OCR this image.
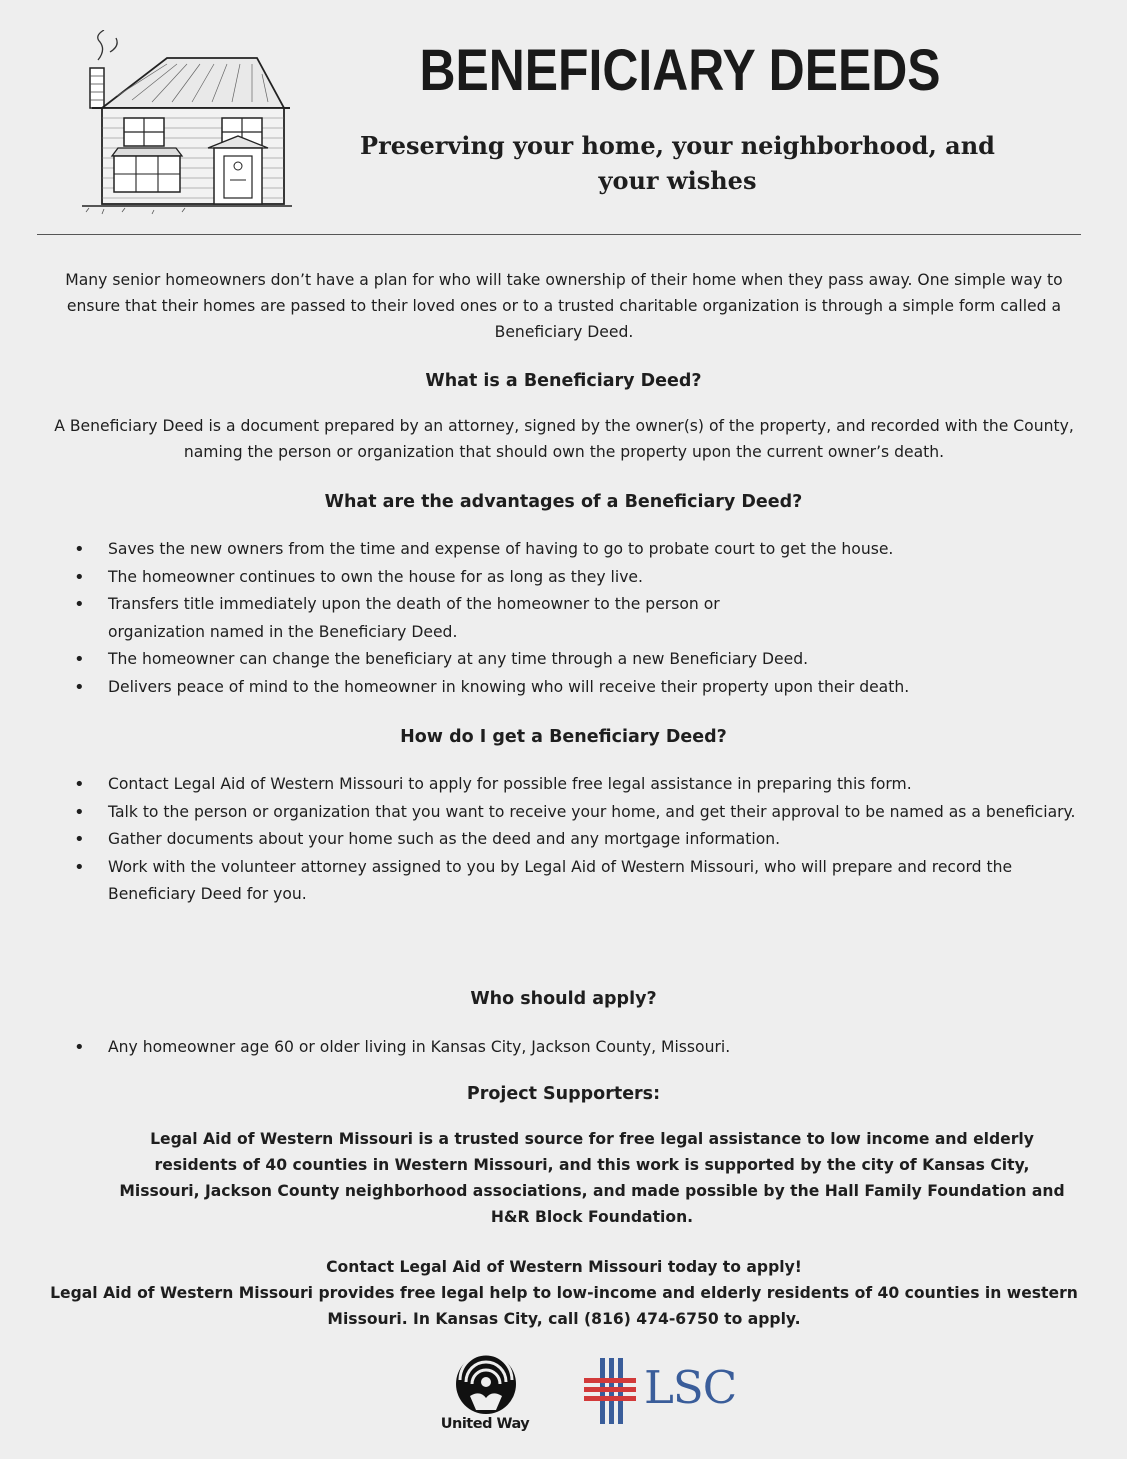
BENEFICIARY DEEDS
Preserving your home, your neighborhood, and your wishes
Many senior homeowners don’t have a plan for who will take ownership of their home when they pass away. One simple way to ensure that their homes are passed to their loved ones or to a trusted charitable organization is through a simple form called a Beneficiary Deed.
What is a Beneficiary Deed?
A Beneficiary Deed is a document prepared by an attorney, signed by the owner(s) of the property, and recorded with the County, naming the person or organization that should own the property upon the current owner’s death.
What are the advantages of a Beneficiary Deed?
• Saves the new owners from the time and expense of having to go to probate court to get the house.
• The homeowner continues to own the house for as long as they live.
• Transfers title immediately upon the death of the homeowner to the person or organization named in the Beneficiary Deed.
• The homeowner can change the beneficiary at any time through a new Beneficiary Deed.
• Delivers peace of mind to the homeowner in knowing who will receive their property upon their death.
How do I get a Beneficiary Deed?
• Contact Legal Aid of Western Missouri to apply for possible free legal assistance in preparing this form.
• Talk to the person or organization that you want to receive your home, and get their approval to be named as a beneficiary.
• Gather documents about your home such as the deed and any mortgage information.
• Work with the volunteer attorney assigned to you by Legal Aid of Western Missouri, who will prepare and record the Beneficiary Deed for you.
Who should apply?
• Any homeowner age 60 or older living in Kansas City, Jackson County, Missouri.
Project Supporters:
Legal Aid of Western Missouri is a trusted source for free legal assistance to low income and elderly residents of 40 counties in Western Missouri, and this work is supported by the city of Kansas City, Missouri, Jackson County neighborhood associations, and made possible by the Hall Family Foundation and H&R Block Foundation.
Contact Legal Aid of Western Missouri today to apply!
Legal Aid of Western Missouri provides free legal help to low-income and elderly residents of 40 counties in western Missouri. In Kansas City, call (816) 474-6750 to apply.
United Way
LSC
